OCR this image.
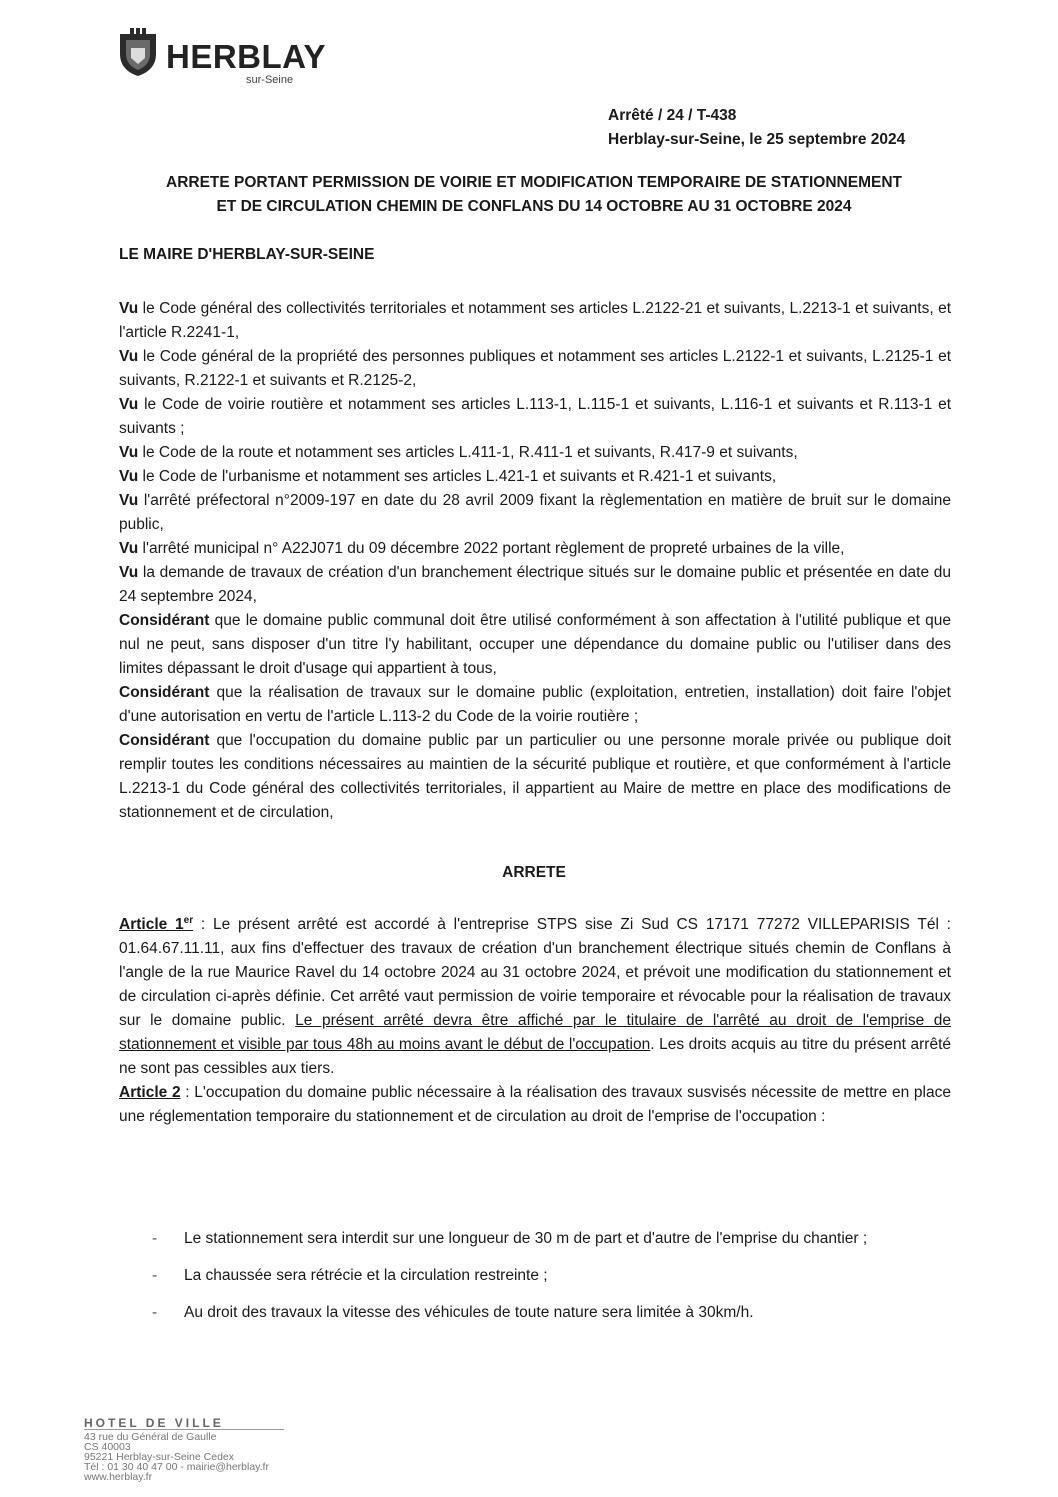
HERBLAY
sur-Seine
Arrêté / 24 / T-438
Herblay-sur-Seine, le 25 septembre 2024
ARRETE PORTANT PERMISSION DE VOIRIE ET MODIFICATION TEMPORAIRE DE STATIONNEMENT
ET DE CIRCULATION CHEMIN DE CONFLANS DU 14 OCTOBRE AU 31 OCTOBRE 2024
LE MAIRE D'HERBLAY-SUR-SEINE

Vu le Code général des collectivités territoriales et notamment ses articles L.2122-21 et suivants, L.2213-1 et suivants, et l'article R.2241-1,

Vu le Code général de la propriété des personnes publiques et notamment ses articles L.2122-1 et suivants, L.2125-1 et suivants, R.2122-1 et suivants et R.2125-2,

Vu le Code de voirie routière et notamment ses articles L.113-1, L.115-1 et suivants, L.116-1 et suivants et R.113-1 et suivants ;

Vu le Code de la route et notamment ses articles L.411-1, R.411-1 et suivants, R.417-9 et suivants,

Vu le Code de l'urbanisme et notamment ses articles L.421-1 et suivants et R.421-1 et suivants,

Vu l'arrêté préfectoral n°2009-197 en date du 28 avril 2009 fixant la règlementation en matière de bruit sur le domaine public,

Vu l'arrêté municipal n° A22J071 du 09 décembre 2022 portant règlement de propreté urbaines de la ville,

Vu la demande de travaux de création d'un branchement électrique situés sur le domaine public et présentée en date du 24 septembre 2024,

Considérant que le domaine public communal doit être utilisé conformément à son affectation à l'utilité publique et que nul ne peut, sans disposer d'un titre l'y habilitant, occuper une dépendance du domaine public ou l'utiliser dans des limites dépassant le droit d'usage qui appartient à tous,

Considérant que la réalisation de travaux sur le domaine public (exploitation, entretien, installation) doit faire l'objet d'une autorisation en vertu de l'article L.113-2 du Code de la voirie routière ;

Considérant que l'occupation du domaine public par un particulier ou une personne morale privée ou publique doit remplir toutes les conditions nécessaires au maintien de la sécurité publique et routière, et que conformément à l'article L.2213-1 du Code général des collectivités territoriales, il appartient au Maire de mettre en place des modifications de stationnement et de circulation,

ARRETE

Article 1er : Le présent arrêté est accordé à l'entreprise STPS sise Zi Sud CS 17171 77272 VILLEPARISIS Tél : 01.64.67.11.11, aux fins d'effectuer des travaux de création d'un branchement électrique situés chemin de Conflans à l'angle de la rue Maurice Ravel du 14 octobre 2024 au 31 octobre 2024, et prévoit une modification du stationnement et de circulation ci-après définie. Cet arrêté vaut permission de voirie temporaire et révocable pour la réalisation de travaux sur le domaine public. Le présent arrêté devra être affiché par le titulaire de l'arrêté au droit de l'emprise de stationnement et visible par tous 48h au moins avant le début de l'occupation. Les droits acquis au titre du présent arrêté ne sont pas cessibles aux tiers.

Article 2 : L'occupation du domaine public nécessaire à la réalisation des travaux susvisés nécessite de mettre en place une réglementation temporaire du stationnement et de circulation au droit de l'emprise de l'occupation :

- Le stationnement sera interdit sur une longueur de 30 m de part et d'autre de l'emprise du chantier ;
- La chaussée sera rétrécie et la circulation restreinte ;
- Au droit des travaux la vitesse des véhicules de toute nature sera limitée à 30km/h.
HOTEL DE VILLE
43 rue du Général de Gaulle
CS 40003
95221 Herblay-sur-Seine Cedex
Tél : 01 30 40 47 00 - mairie@herblay.fr
www.herblay.fr
